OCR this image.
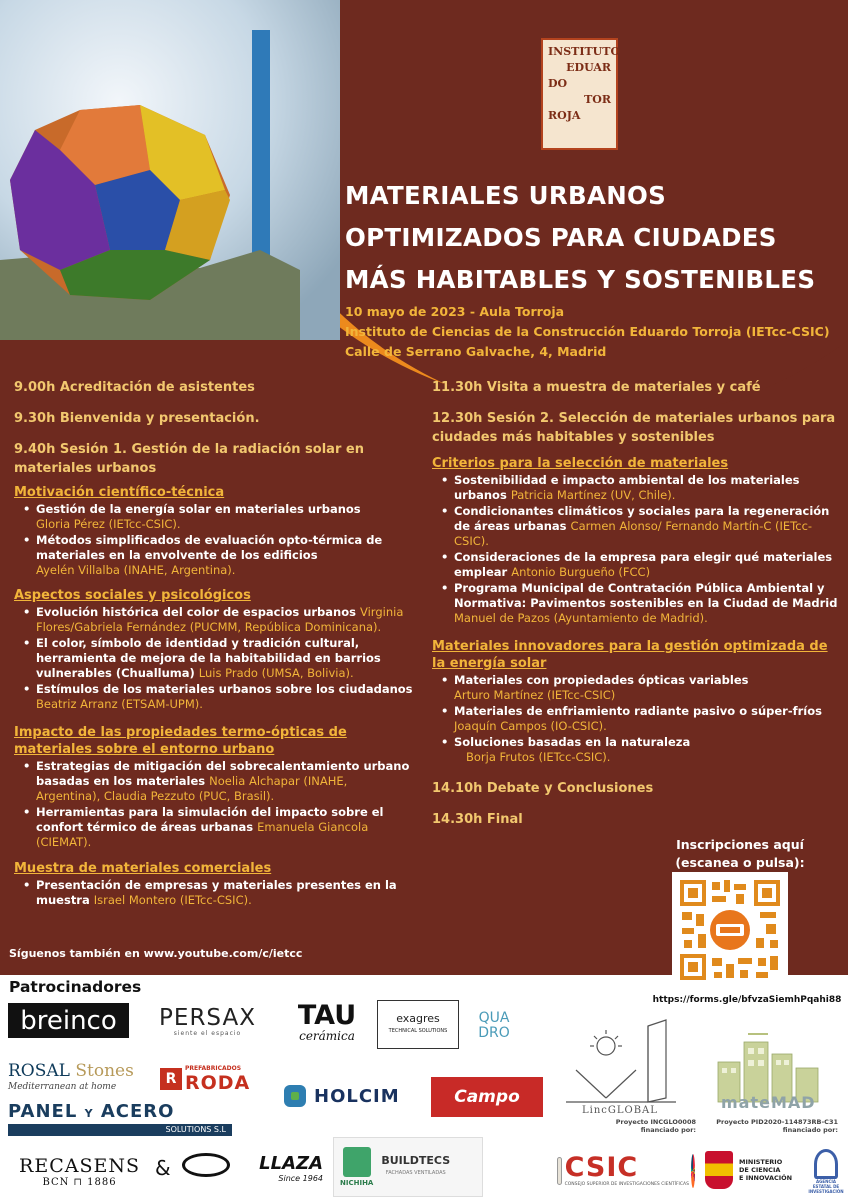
INSTITUTO
EDUAR
DO
TOR
ROJA
MATERIALES URBANOS
OPTIMIZADOS PARA CIUDADES
MÁS HABITABLES Y SOSTENIBLES
10 mayo de 2023 - Aula Torroja
Instituto de Ciencias de la Construcción Eduardo Torroja (IETcc-CSIC)
Calle de Serrano Galvache, 4, Madrid
9.00h Acreditación de asistentes
9.30h Bienvenida y presentación.
9.40h Sesión 1. Gestión de la radiación solar en materiales urbanos
Motivación científico-técnica
• Gestión de la energía solar en materiales urbanos
Gloria Pérez (IETcc-CSIC).
• Métodos simplificados de evaluación opto-térmica de materiales en la envolvente de los edificios
Ayelén Villalba (INAHE, Argentina).
Aspectos sociales y psicológicos
• Evolución histórica del color de espacios urbanos Virginia Flores/Gabriela Fernández (PUCMM, República Dominicana).
• El color, símbolo de identidad y tradición cultural, herramienta de mejora de la habitabilidad en barrios vulnerables (Chualluma) Luis Prado (UMSA, Bolivia).
• Estímulos de los materiales urbanos sobre los ciudadanos
Beatriz Arranz (ETSAM-UPM).
Impacto de las propiedades termo-ópticas de materiales sobre el entorno urbano
• Estrategias de mitigación del sobrecalentamiento urbano basadas en los materiales Noelia Alchapar (INAHE, Argentina), Claudia Pezzuto (PUC, Brasil).
• Herramientas para la simulación del impacto sobre el confort térmico de áreas urbanas Emanuela Giancola (CIEMAT).
Muestra de materiales comerciales
• Presentación de empresas y materiales presentes en la muestra Israel Montero (IETcc-CSIC).
11.30h Visita a muestra de materiales y café
12.30h Sesión 2. Selección de materiales urbanos para ciudades más habitables y sostenibles
Criterios para la selección de materiales
• Sostenibilidad e impacto ambiental de los materiales urbanos Patricia Martínez (UV, Chile).
• Condicionantes climáticos y sociales para la regeneración de áreas urbanas Carmen Alonso/ Fernando Martín-C (IETcc-CSIC).
• Consideraciones de la empresa para elegir qué materiales emplear Antonio Burgueño (FCC)
• Programa Municipal de Contratación Pública Ambiental y Normativa: Pavimentos sostenibles en la Ciudad de Madrid Manuel de Pazos (Ayuntamiento de Madrid).
Materiales innovadores para la gestión optimizada de la energía solar
• Materiales con propiedades ópticas variables
Arturo Martínez (IETcc-CSIC)
• Materiales de enfriamiento radiante pasivo o súper-fríos Joaquín Campos (IO-CSIC).
• Soluciones basadas en la naturaleza
Borja Frutos (IETcc-CSIC).
14.10h Debate y Conclusiones
14.30h Final
Inscripciones aquí
(escanea o pulsa):
https://forms.gle/bfvzaSiemhPqahi88
Síguenos también en www.youtube.com/c/ietcc
Patrocinadores
breinco	PERSAX
siente el espacio
TAU
cerámica
exagres
TECHNICAL SOLUTIONS
QUA
DRO
ROSAL Stones
Mediterranean at home	R
PREFABRICADOS
RODA
HOLCIM	Campo
PANEL Y ACERO
SOLUTIONS S.L
RECASENS
BCN ⊓ 1886
&	LLAZA
Since 1964 NICHIHA
BUILDTECS
FACHADAS VENTILADAS
LincGLOBAL	mateMAD
Proyecto INCGLO0008
financiado por:
Proyecto PID2020-114873RB-C31
financiado por:
CSIC
CONSEJO SUPERIOR DE INVESTIGACIONES CIENTÍFICAS
MINISTERIO
DE CIENCIA
E INNOVACIÓN	AGENCIA
ESTATAL DE
INVESTIGACIÓN
